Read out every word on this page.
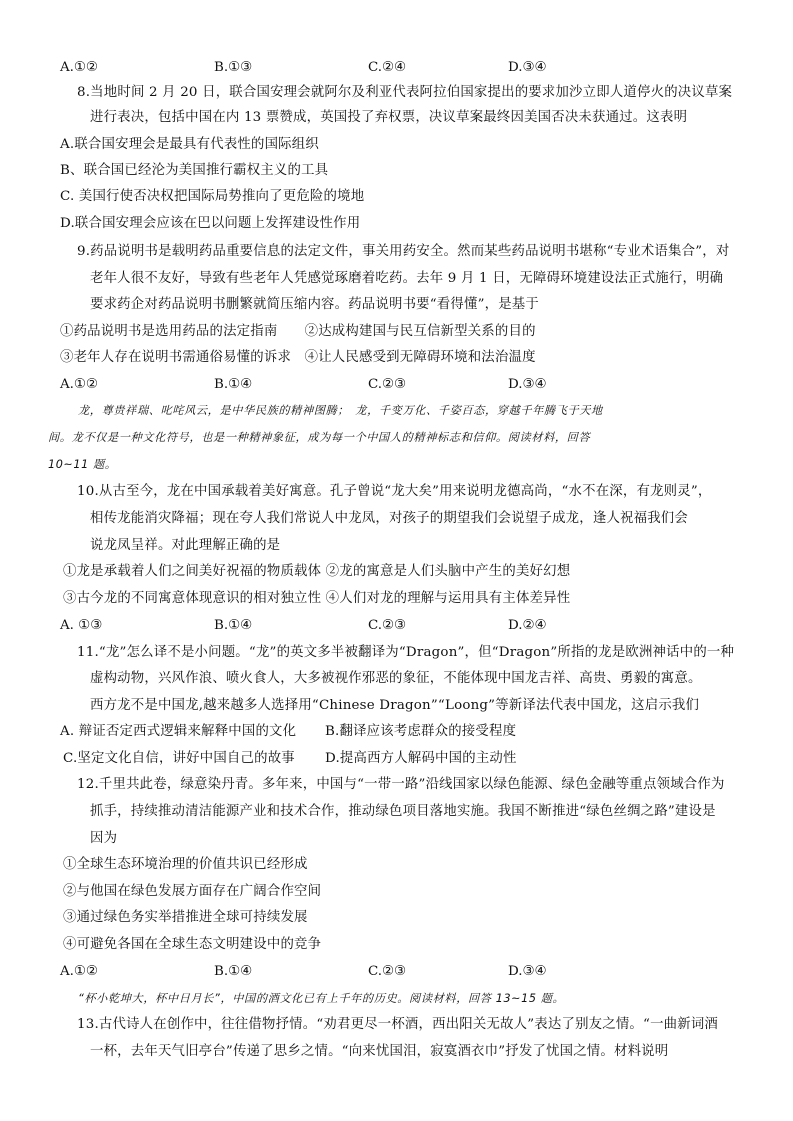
A.①②	B.①③	C.②④	D.③④
8.当地时间 2 月 20 日，联合国安理会就阿尔及利亚代表阿拉伯国家提出的要求加沙立即人道停火的决议草案
进行表决，包括中国在内 13 票赞成，英国投了弃权票，决议草案最终因美国否决未获通过。这表明
A.联合国安理会是最具有代表性的国际组织
B、联合国已经沦为美国推行霸权主义的工具
C. 美国行使否决权把国际局势推向了更危险的境地
D.联合国安理会应该在巴以问题上发挥建设性作用
9.药品说明书是载明药品重要信息的法定文件，事关用药安全。然而某些药品说明书堪称“专业术语集合”，对
老年人很不友好，导致有些老年人凭感觉琢磨着吃药。去年 9 月 1 日，无障碍环境建设法正式施行，明确
要求药企对药品说明书删繁就简压缩内容。药品说明书要“看得懂”，是基于
①药品说明书是选用药品的法定指南　　②达成构建国与民互信新型关系的目的
③老年人存在说明书需通俗易懂的诉求　④让人民感受到无障碍环境和法治温度
A.①②	B.①④	C.②③	D.③④
龙，尊贵祥瑞、叱咤风云，是中华民族的精神图腾；　龙，千变万化、千姿百态，穿越千年腾飞于天地
间。龙不仅是一种文化符号，也是一种精神象征，成为每一个中国人的精神标志和信仰。阅读材料，回答
10~11 题。
10.从古至今，龙在中国承载着美好寓意。孔子曾说“龙大矣”用来说明龙德高尚，“水不在深，有龙则灵”，
相传龙能消灾降福；现在夸人我们常说人中龙凤，对孩子的期望我们会说望子成龙，逢人祝福我们会
说龙凤呈祥。对此理解正确的是
①龙是承载着人们之间美好祝福的物质载体 ②龙的寓意是人们头脑中产生的美好幻想
③古今龙的不同寓意体现意识的相对独立性 ④人们对龙的理解与运用具有主体差异性
A. ①③	B.①④	C.②③	D.②④
11.“龙”怎么译不是小问题。“龙”的英文多半被翻译为“Dragon”，但“Dragon”所指的龙是欧洲神话中的一种
虚构动物，兴风作浪、喷火食人，大多被视作邪恶的象征，不能体现中国龙吉祥、高贵、勇毅的寓意。
西方龙不是中国龙,越来越多人选择用“Chinese Dragon”“Loong”等新译法代表中国龙，这启示我们
A. 辩证否定西式逻辑来解释中国的文化 B.翻译应该考虑群众的接受程度
C.坚定文化自信，讲好中国自己的故事 D.提高西方人解码中国的主动性
12.千里共此卷，绿意染丹青。多年来，中国与“一带一路”沿线国家以绿色能源、绿色金融等重点领域合作为
抓手，持续推动清洁能源产业和技术合作，推动绿色项目落地实施。我国不断推进“绿色丝绸之路”建设是
因为
①全球生态环境治理的价值共识已经形成
②与他国在绿色发展方面存在广阔合作空间
③通过绿色务实举措推进全球可持续发展
④可避免各国在全球生态文明建设中的竞争
A.①②	B.①④	C.②③	D.③④
“杯小乾坤大，杯中日月长”，中国的酒文化已有上千年的历史。阅读材料，回答 13~15 题。
13.古代诗人在创作中，往往借物抒情。“劝君更尽一杯酒，西出阳关无故人”表达了别友之情。“一曲新词酒
一杯，去年天气旧亭台”传递了思乡之情。“向来忧国泪，寂寞酒衣巾”抒发了忧国之情。材料说明
